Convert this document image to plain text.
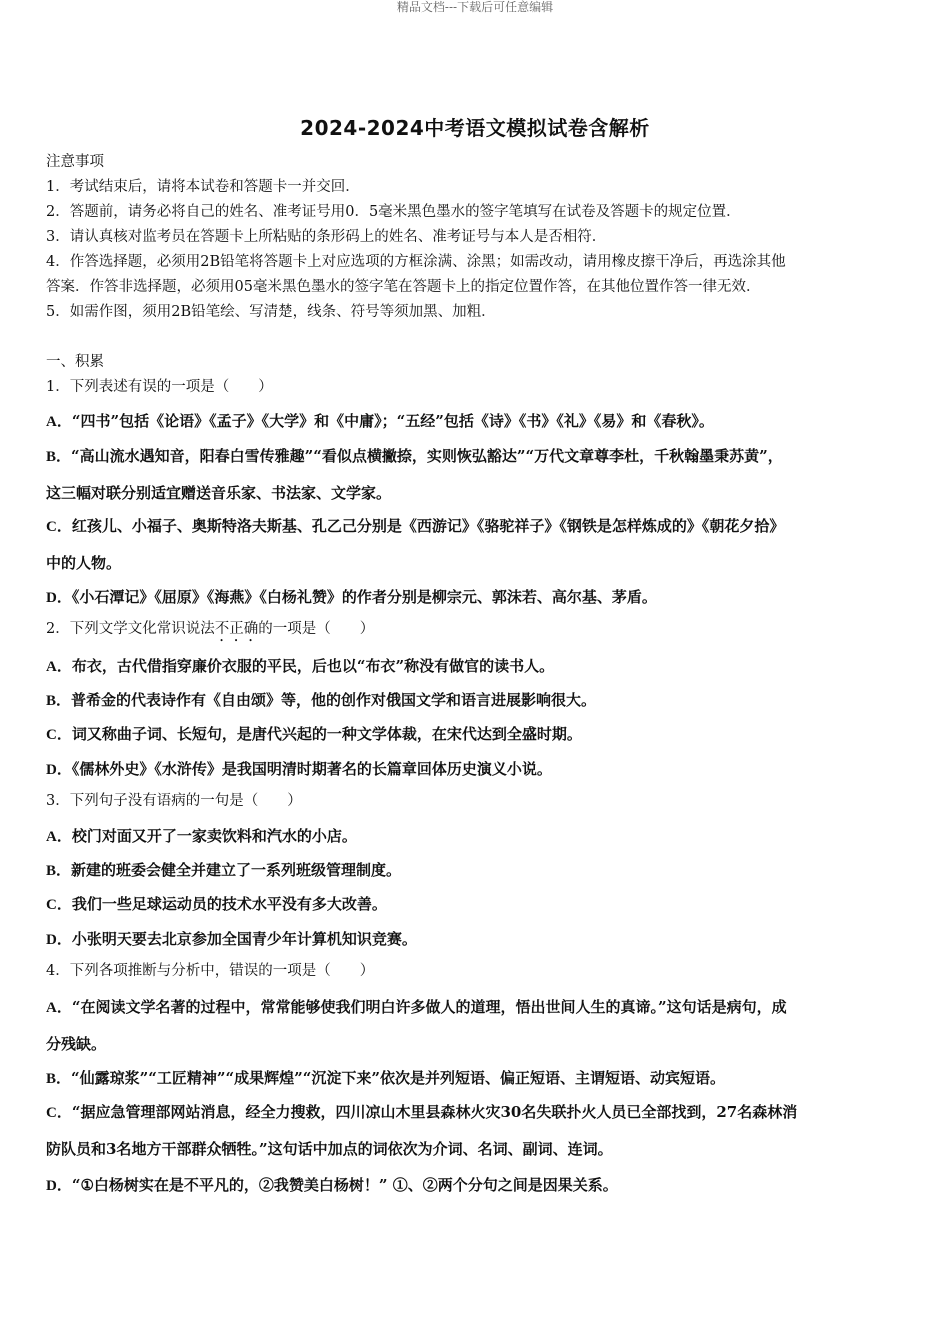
精品文档---下载后可任意编辑
2024-2024中考语文模拟试卷含解析
注意事项
1．考试结束后，请将本试卷和答题卡一并交回．
2．答题前，请务必将自己的姓名、准考证号用0．5毫米黑色墨水的签字笔填写在试卷及答题卡的规定位置．
3．请认真核对监考员在答题卡上所粘贴的条形码上的姓名、准考证号与本人是否相符．
4．作答选择题，必须用2B铅笔将答题卡上对应选项的方框涂满、涂黑；如需改动，请用橡皮擦干净后，再选涂其他
答案．作答非选择题，必须用05毫米黑色墨水的签字笔在答题卡上的指定位置作答，在其他位置作答一律无效．
5．如需作图，须用2B铅笔绘、写清楚，线条、符号等须加黑、加粗．
一、积累
1．下列表述有误的一项是（　　）
A．“四书”包括《论语》《孟子》《大学》和《中庸》；“五经”包括《诗》《书》《礼》《易》和《春秋》。
B．“高山流水遇知音，阳春白雪传雅趣”“看似点横撇捺，实则恢弘豁达”“万代文章尊李杜，千秋翰墨秉苏黄”，
这三幅对联分别适宜赠送音乐家、书法家、文学家。
C．红孩儿、小福子、奥斯特洛夫斯基、孔乙己分别是《西游记》《骆驼祥子》《钢铁是怎样炼成的》《朝花夕拾》
中的人物。
D．《小石潭记》《屈原》《海燕》《白杨礼赞》的作者分别是柳宗元、郭沫若、高尔基、茅盾。
2．下列文学文化常识说法不正确的一项是（　　）
A．布衣，古代借指穿廉价衣服的平民，后也以“布衣”称没有做官的读书人。
B．普希金的代表诗作有《自由颂》等，他的创作对俄国文学和语言进展影响很大。
C．词又称曲子词、长短句，是唐代兴起的一种文学体裁，在宋代达到全盛时期。
D．《儒林外史》《水浒传》是我国明清时期著名的长篇章回体历史演义小说。
3．下列句子没有语病的一句是（　　）
A．校门对面又开了一家卖饮料和汽水的小店。
B．新建的班委会健全并建立了一系列班级管理制度。
C．我们一些足球运动员的技术水平没有多大改善。
D．小张明天要去北京参加全国青少年计算机知识竞赛。
4．下列各项推断与分析中，错误的一项是（　　）
A．“在阅读文学名著的过程中，常常能够使我们明白许多做人的道理，悟出世间人生的真谛。”这句话是病句，成
分残缺。
B．“仙露琼浆”“工匠精神”“成果辉煌”“沉淀下来”依次是并列短语、偏正短语、主谓短语、动宾短语。
C．“据应急管理部网站消息，经全力搜救，四川凉山木里县森林火灾30名失联扑火人员已全部找到，27名森林消
防队员和3名地方干部群众牺牲。”这句话中加点的词依次为介词、名词、副词、连词。
D．“①白杨树实在是不平凡的，②我赞美白杨树！” ①、②两个分句之间是因果关系。
